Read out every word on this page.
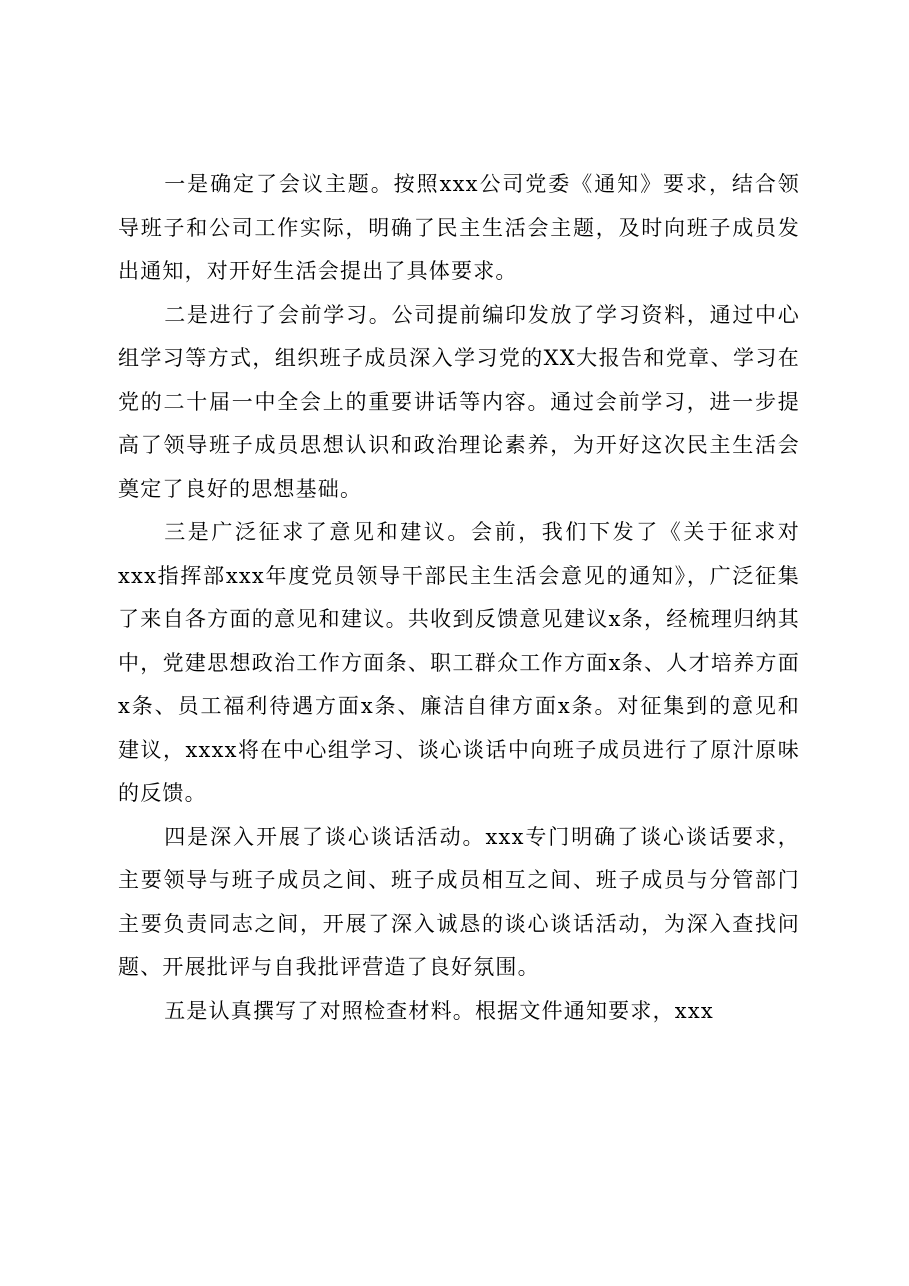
一是确定了会议主题。按照xxx公司党委《通知》要求，结合领导班子和公司工作实际，明确了民主生活会主题，及时向班子成员发出通知，对开好生活会提出了具体要求。

二是进行了会前学习。公司提前编印发放了学习资料，通过中心组学习等方式，组织班子成员深入学习党的XX大报告和党章、学习在党的二十届一中全会上的重要讲话等内容。通过会前学习，进一步提高了领导班子成员思想认识和政治理论素养，为开好这次民主生活会奠定了良好的思想基础。

三是广泛征求了意见和建议。会前，我们下发了《关于征求对xxx指挥部xxx年度党员领导干部民主生活会意见的通知》，广泛征集了来自各方面的意见和建议。共收到反馈意见建议x条，经梳理归纳其中，党建思想政治工作方面条、职工群众工作方面x条、人才培养方面x条、员工福利待遇方面x条、廉洁自律方面x条。对征集到的意见和建议，xxxx将在中心组学习、谈心谈话中向班子成员进行了原汁原味的反馈。

四是深入开展了谈心谈话活动。xxx专门明确了谈心谈话要求，主要领导与班子成员之间、班子成员相互之间、班子成员与分管部门主要负责同志之间，开展了深入诚恳的谈心谈话活动，为深入查找问题、开展批评与自我批评营造了良好氛围。

五是认真撰写了对照检查材料。根据文件通知要求，xxx
